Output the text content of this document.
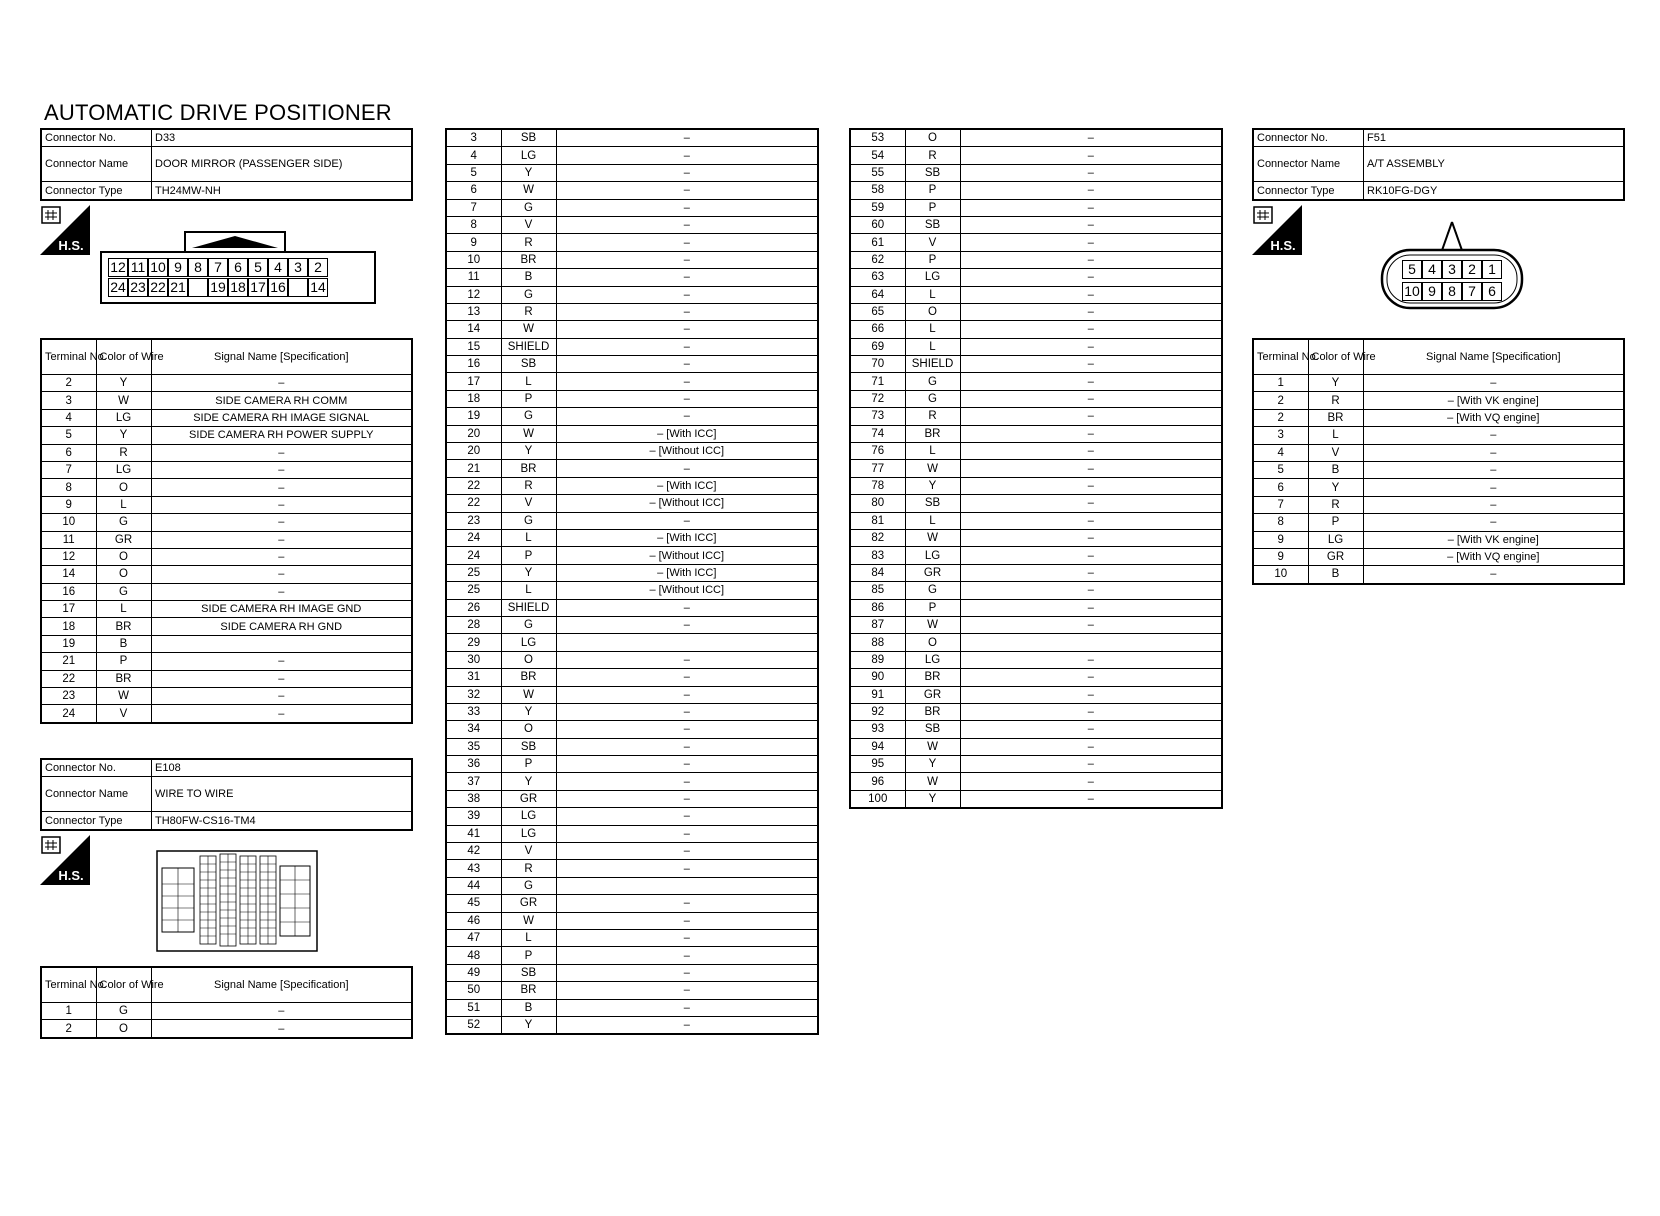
AUTOMATIC DRIVE POSITIONER
Connector No.	D33
Connector Name	DOOR MIRROR (PASSENGER SIDE)
Connector Type	TH24MW-NH
H.S.
12 11 10 9 8 7 6 5 4 3 2
24 23 22 21 19 18 17 16 14
Terminal No.	Color of Wire	Signal Name [Specification]
2	Y	–
3	W	SIDE CAMERA RH COMM
4	LG	SIDE CAMERA RH IMAGE SIGNAL
5	Y	SIDE CAMERA RH POWER SUPPLY
6	R	–
7	LG	–
8	O	–
9	L	–
10	G	–
11	GR	–
12	O	–
14	O	–
16	G	–
17	L	SIDE CAMERA RH IMAGE GND
18	BR	SIDE CAMERA RH GND
19	B	
21	P	–
22	BR	–
23	W	–
24	V	–
Connector No.	E108
Connector Name	WIRE TO WIRE
Connector Type	TH80FW-CS16-TM4
H.S.
Terminal No.	Color of Wire	Signal Name [Specification]
1	G	–
2	O	–
3	SB	–
4	LG	–
5	Y	–
6	W	–
7	G	–
8	V	–
9	R	–
10	BR	–
11	B	–
12	G	–
13	R	–
14	W	–
15	SHIELD	–
16	SB	–
17	L	–
18	P	–
19	G	–
20	W	– [With ICC]
20	Y	– [Without ICC]
21	BR	–
22	R	– [With ICC]
22	V	– [Without ICC]
23	G	–
24	L	– [With ICC]
24	P	– [Without ICC]
25	Y	– [With ICC]
25	L	– [Without ICC]
26	SHIELD	–
28	G	–
29	LG	
30	O	–
31	BR	–
32	W	–
33	Y	–
34	O	–
35	SB	–
36	P	–
37	Y	–
38	GR	–
39	LG	–
41	LG	–
42	V	–
43	R	–
44	G	
45	GR	–
46	W	–
47	L	–
48	P	–
49	SB	–
50	BR	–
51	B	–
52	Y	–
53	O	–
54	R	–
55	SB	–
58	P	–
59	P	–
60	SB	–
61	V	–
62	P	–
63	LG	–
64	L	–
65	O	–
66	L	–
69	L	–
70	SHIELD	–
71	G	–
72	G	–
73	R	–
74	BR	–
76	L	–
77	W	–
78	Y	–
80	SB	–
81	L	–
82	W	–
83	LG	–
84	GR	–
85	G	–
86	P	–
87	W	–
88	O	
89	LG	–
90	BR	–
91	GR	–
92	BR	–
93	SB	–
94	W	–
95	Y	–
96	W	–
100	Y	–
Connector No.	F51
Connector Name	A/T ASSEMBLY
Connector Type	RK10FG-DGY
H.S.
5 4 3 2 1
10 9 8 7 6
Terminal No.	Color of Wire	Signal Name [Specification]
1	Y	–
2	R	– [With VK engine]
2	BR	– [With VQ engine]
3	L	–
4	V	–
5	B	–
6	Y	–
7	R	–
8	P	–
9	LG	– [With VK engine]
9	GR	– [With VQ engine]
10	B	–
